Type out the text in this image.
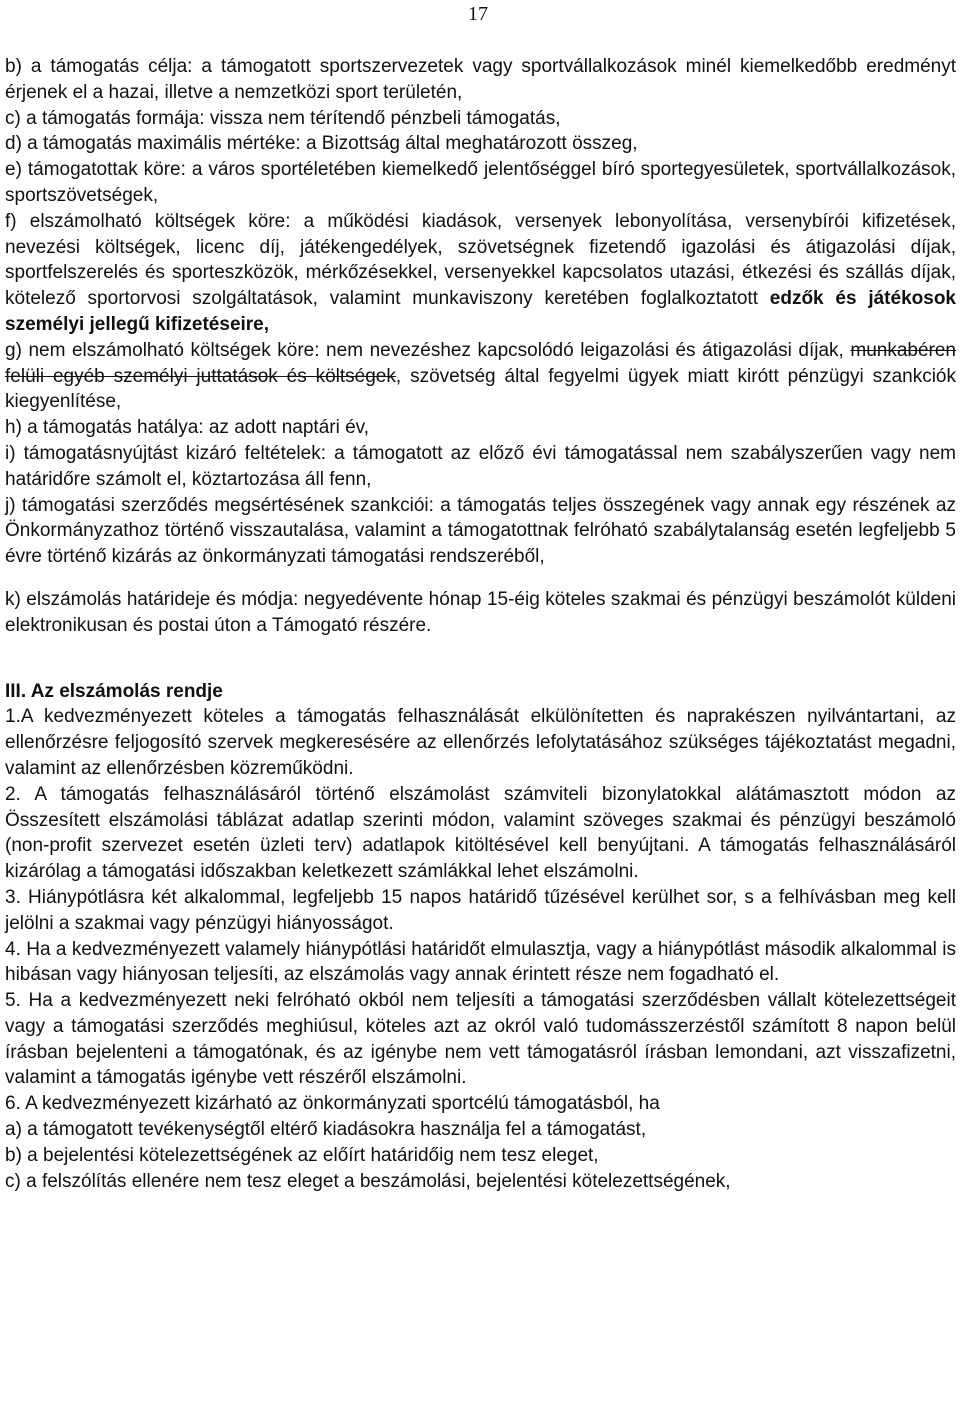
17

b) a támogatás célja: a támogatott sportszervezetek vagy sportvállalkozások minél kiemelkedőbb eredményt érjenek el a hazai, illetve a nemzetközi sport területén,

c) a támogatás formája: vissza nem térítendő pénzbeli támogatás,

d) a támogatás maximális mértéke: a Bizottság által meghatározott összeg,

e) támogatottak köre: a város sportéletében kiemelkedő jelentőséggel bíró sportegyesületek, sportvállalkozások, sportszövetségek,

f) elszámolható költségek köre: a működési kiadások, versenyek lebonyolítása, versenybírói kifizetések, nevezési költségek, licenc díj, játékengedélyek, szövetségnek fizetendő igazolási és átigazolási díjak, sportfelszerelés és sporteszközök, mérkőzésekkel, versenyekkel kapcsolatos utazási, étkezési és szállás díjak, kötelező sportorvosi szolgáltatások, valamint munkaviszony keretében foglalkoztatott edzők és játékosok személyi jellegű kifizetéseire,

g) nem elszámolható költségek köre: nem nevezéshez kapcsolódó leigazolási és átigazolási díjak, munkabéren felüli egyéb személyi juttatások és költségek, szövetség által fegyelmi ügyek miatt kirótt pénzügyi szankciók kiegyenlítése,

h) a támogatás hatálya: az adott naptári év,

i) támogatásnyújtást kizáró feltételek: a támogatott az előző évi támogatással nem szabályszerűen vagy nem határidőre számolt el, köztartozása áll fenn,

j) támogatási szerződés megsértésének szankciói: a támogatás teljes összegének vagy annak egy részének az Önkormányzathoz történő visszautalása, valamint a támogatottnak felróható szabálytalanság esetén legfeljebb 5 évre történő kizárás az önkormányzati támogatási rendszeréből,

k) elszámolás határideje és módja: negyedévente hónap 15-éig köteles szakmai és pénzügyi beszámolót küldeni elektronikusan és postai úton a Támogató részére.

III. Az elszámolás rendje

1.A kedvezményezett köteles a támogatás felhasználását elkülönítetten és naprakészen nyilvántartani, az ellenőrzésre feljogosító szervek megkeresésére az ellenőrzés lefolytatásához szükséges tájékoztatást megadni, valamint az ellenőrzésben közreműködni.

2. A támogatás felhasználásáról történő elszámolást számviteli bizonylatokkal alátámasztott módon az Összesített elszámolási táblázat adatlap szerinti módon, valamint szöveges szakmai és pénzügyi beszámoló (non-profit szervezet esetén üzleti terv) adatlapok kitöltésével kell benyújtani. A támogatás felhasználásáról kizárólag a támogatási időszakban keletkezett számlákkal lehet elszámolni.

3. Hiánypótlásra két alkalommal, legfeljebb 15 napos határidő tűzésével kerülhet sor, s a felhívásban meg kell jelölni a szakmai vagy pénzügyi hiányosságot.

4. Ha a kedvezményezett valamely hiánypótlási határidőt elmulasztja, vagy a hiánypótlást második alkalommal is hibásan vagy hiányosan teljesíti, az elszámolás vagy annak érintett része nem fogadható el.

5. Ha a kedvezményezett neki felróható okból nem teljesíti a támogatási szerződésben vállalt kötelezettségeit vagy a támogatási szerződés meghiúsul, köteles azt az okról való tudomásszerzéstől számított 8 napon belül írásban bejelenteni a támogatónak, és az igénybe nem vett támogatásról írásban lemondani, azt visszafizetni, valamint a támogatás igénybe vett részéről elszámolni.

6. A kedvezményezett kizárható az önkormányzati sportcélú támogatásból, ha

a) a támogatott tevékenységtől eltérő kiadásokra használja fel a támogatást,

b) a bejelentési kötelezettségének az előírt határidőig nem tesz eleget,

c) a felszólítás ellenére nem tesz eleget a beszámolási, bejelentési kötelezettségének,
